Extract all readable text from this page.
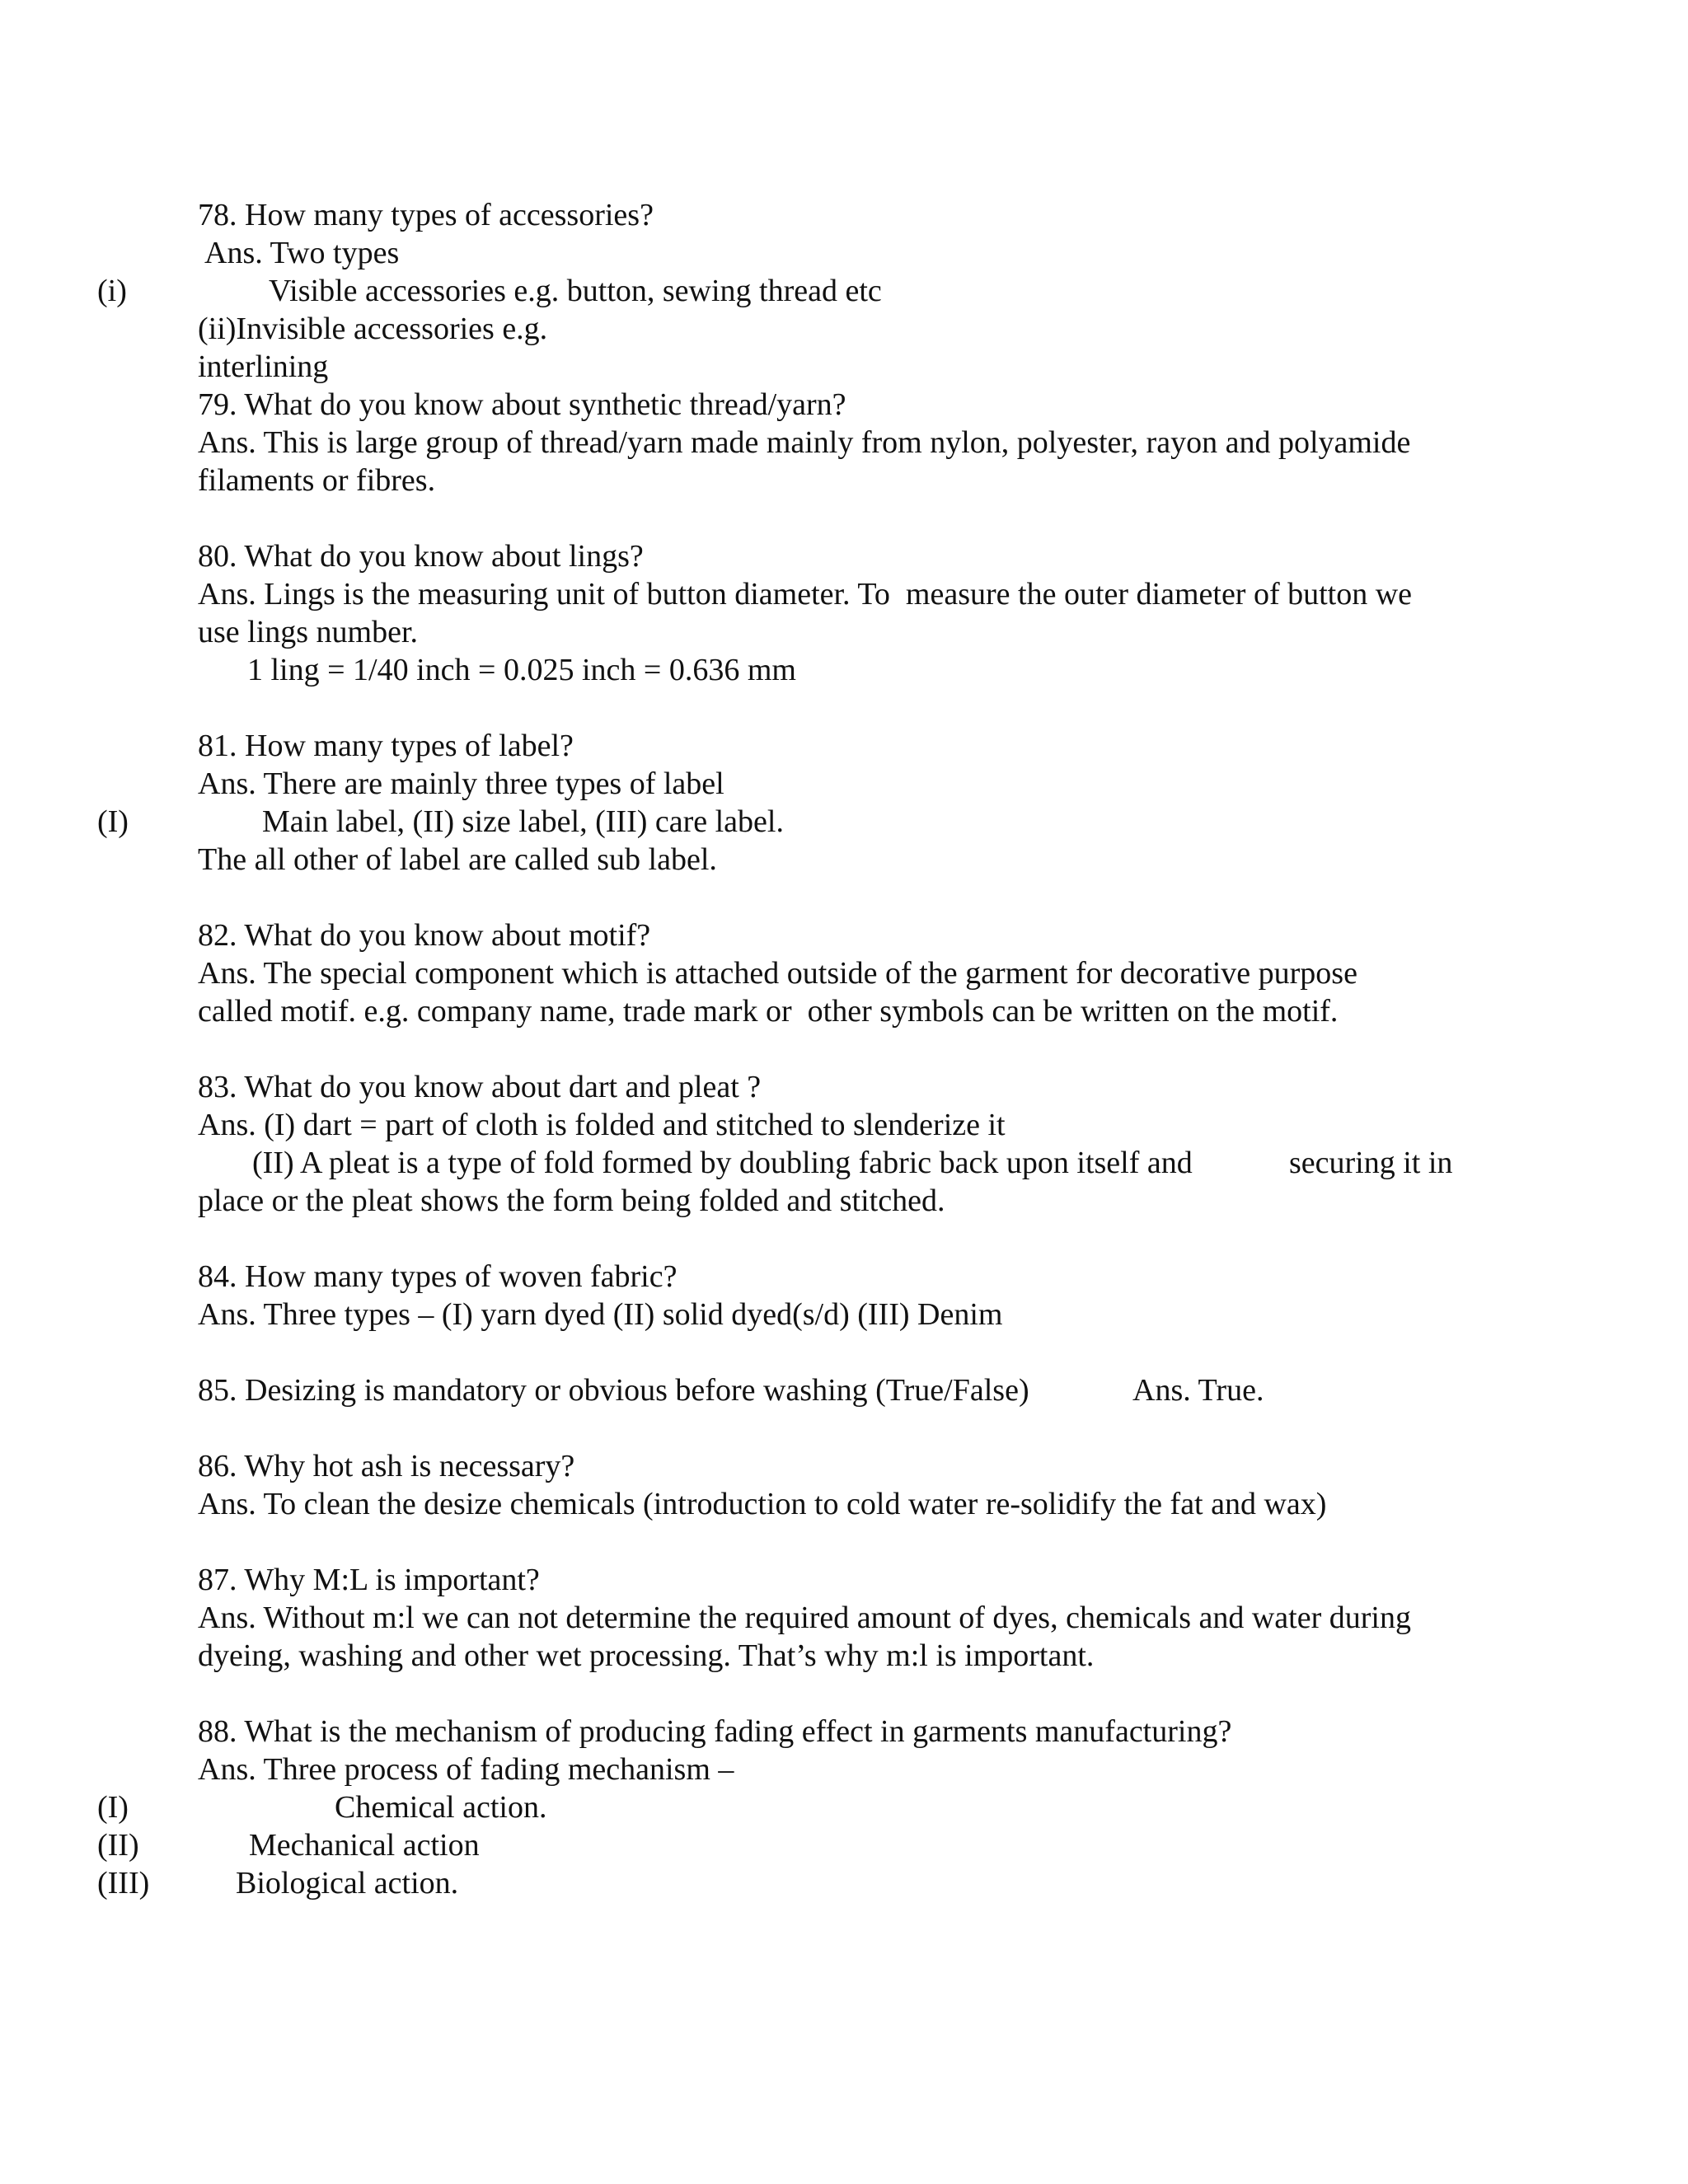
78. How many types of accessories?
Ans. Two types
(i)	Visible accessories e.g. button, sewing thread etc
(ii)Invisible accessories e.g.
interlining
79. What do you know about synthetic thread/yarn?
Ans. This is large group of thread/yarn made mainly from nylon, polyester, rayon and polyamide
filaments or fibres.
80. What do you know about lings?
Ans. Lings is the measuring unit of button diameter. To  measure the outer diameter of button we
use lings number.
1 ling = 1/40 inch = 0.025 inch = 0.636 mm
81. How many types of label?
Ans. There are mainly three types of label
(I)	Main label, (II) size label, (III) care label.
The all other of label are called sub label.
82. What do you know about motif?
Ans. The special component which is attached outside of the garment for decorative purpose
called motif. e.g. company name, trade mark or  other symbols can be written on the motif.
83. What do you know about dart and pleat ?
Ans. (I) dart = part of cloth is folded and stitched to slenderize it
(II) A pleat is a type of fold formed by doubling fabric back upon itself and	securing it in
place or the pleat shows the form being folded and stitched.
84. How many types of woven fabric?
Ans. Three types – (I) yarn dyed (II) solid dyed(s/d) (III) Denim
85. Desizing is mandatory or obvious before washing (True/False)	Ans. True.
86. Why hot ash is necessary?
Ans. To clean the desize chemicals (introduction to cold water re-solidify the fat and wax)
87. Why M:L is important?
Ans. Without m:l we can not determine the required amount of dyes, chemicals and water during
dyeing, washing and other wet processing. That’s why m:l is important.
88. What is the mechanism of producing fading effect in garments manufacturing?
Ans. Three process of fading mechanism –
(I)	Chemical action.
(II)	Mechanical action
(III)	Biological action.
